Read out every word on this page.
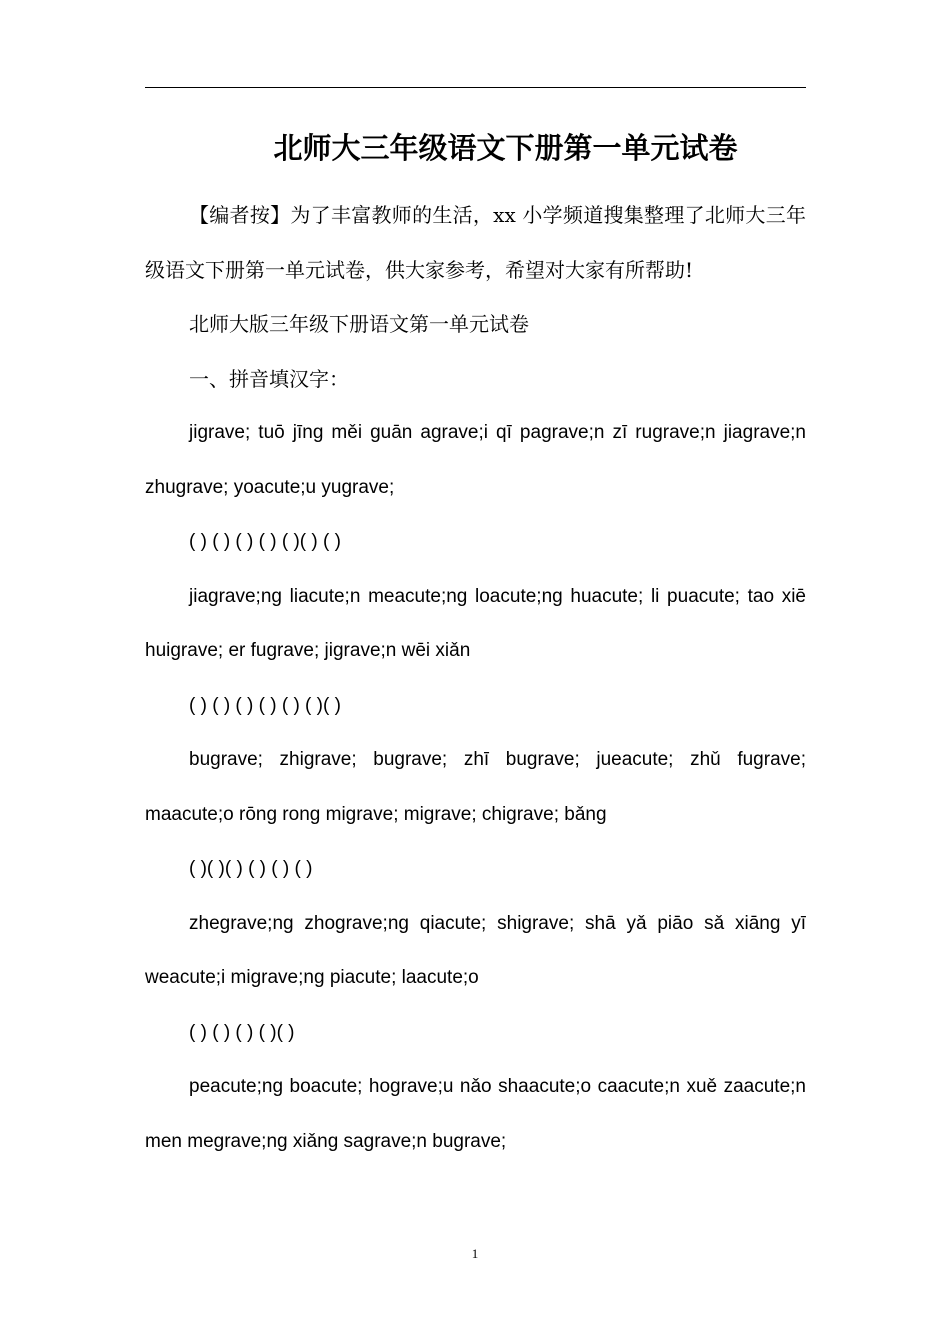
北师大三年级语文下册第一单元试卷

【编者按】为了丰富教师的生活，xx 小学频道搜集整理了北师大三年级语文下册第一单元试卷，供大家参考，希望对大家有所帮助!

北师大版三年级下册语文第一单元试卷

一、拼音填汉字：

jigrave; tuō jīng měi guān agrave;i qī pagrave;n zī rugrave;n jiagrave;n zhugrave; yoacute;u yugrave;

( ) ( ) ( ) ( ) ( )( ) ( )

jiagrave;ng liacute;n meacute;ng loacute;ng huacute; li puacute; tao xiē huigrave; er fugrave; jigrave;n wēi xiǎn

( ) ( ) ( ) ( ) ( ) ( )( )

bugrave; zhigrave; bugrave; zhī bugrave; jueacute; zhǔ fugrave; maacute;o rōng rong migrave; migrave; chigrave; bǎng

( )( )( ) ( ) ( ) ( )

zhegrave;ng zhograve;ng qiacute; shigrave; shā yǎ piāo sǎ xiāng yī weacute;i migrave;ng piacute; laacute;o

( ) ( ) ( ) ( )( )

peacute;ng boacute; hograve;u nǎo shaacute;o caacute;n xuě zaacute;n men megrave;ng xiǎng sagrave;n bugrave;

1
